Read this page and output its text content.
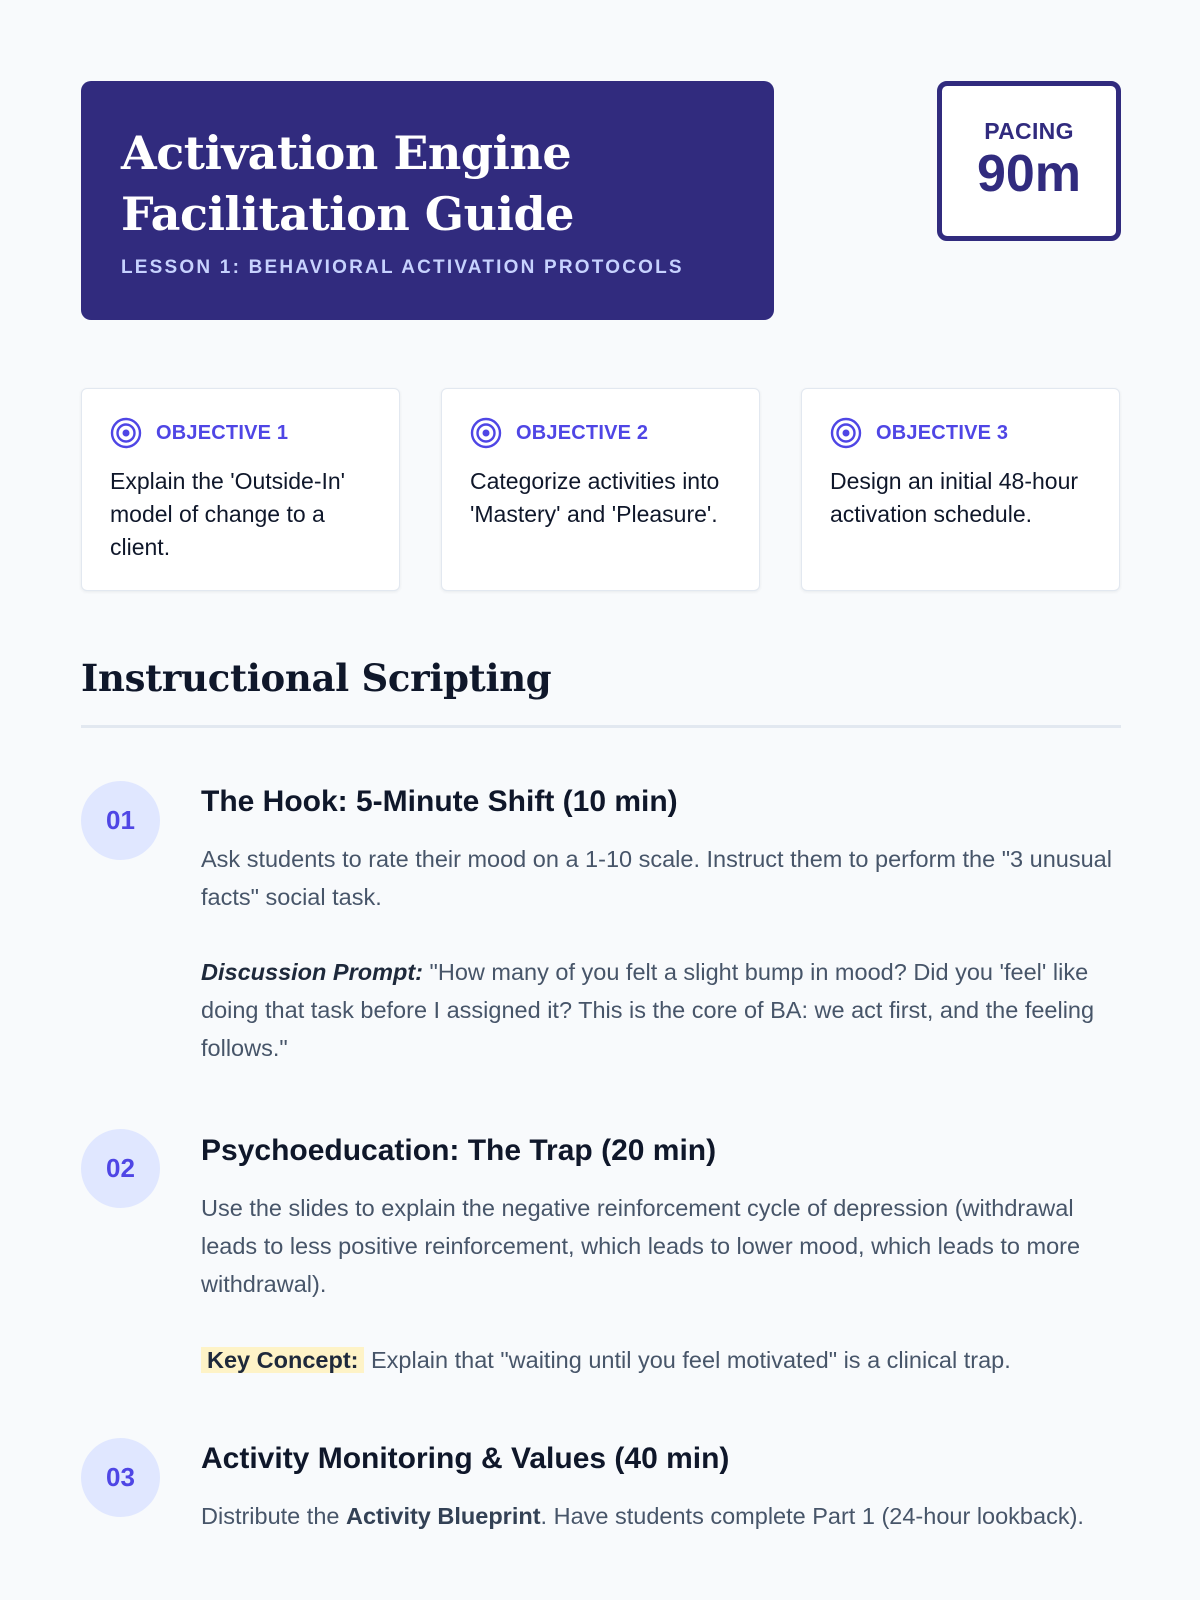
Activation Engine
Facilitation Guide
LESSON 1: BEHAVIORAL ACTIVATION PROTOCOLS
PACING
90m
OBJECTIVE 1
Explain the 'Outside-In' model of change to a client.
OBJECTIVE 2
Categorize activities into 'Mastery' and 'Pleasure'.
OBJECTIVE 3
Design an initial 48-hour activation schedule.
Instructional Scripting
01
The Hook: 5-Minute Shift (10 min)

Ask students to rate their mood on a 1-10 scale. Instruct them to perform the "3 unusual facts" social task.

Discussion Prompt: "How many of you felt a slight bump in mood? Did you 'feel' like doing that task before I assigned it? This is the core of BA: we act first, and the feeling follows."

02
Psychoeducation: The Trap (20 min)

Use the slides to explain the negative reinforcement cycle of depression (withdrawal leads to less positive reinforcement, which leads to lower mood, which leads to more withdrawal).

Key Concept: Explain that "waiting until you feel motivated" is a clinical trap.

03
Activity Monitoring & Values (40 min)

Distribute the Activity Blueprint. Have students complete Part 1 (24-hour lookback).
